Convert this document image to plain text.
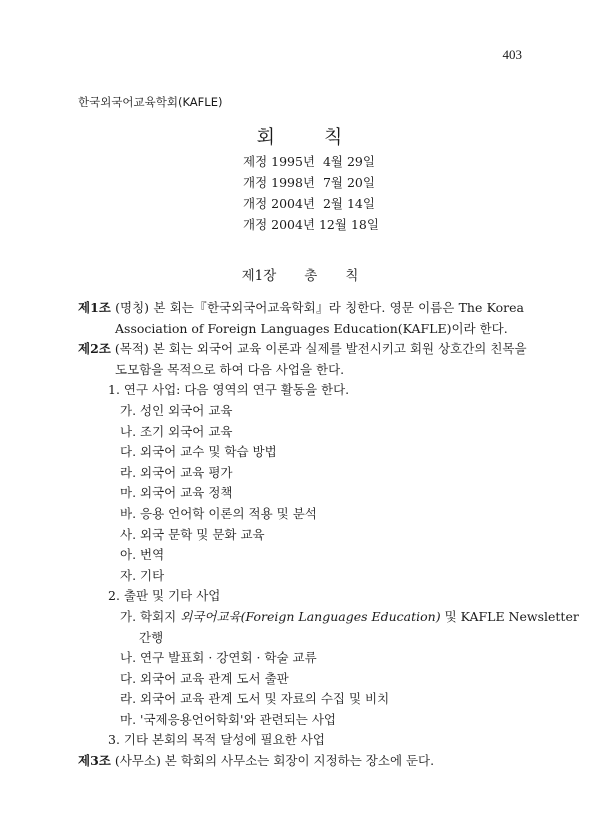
403
한국외국어교육학회(KAFLE)
회	칙
제정 1995년  4월 29일
개정 1998년  7월 20일
개정 2004년  2월 14일
개정 2004년 12월 18일
제1장 총 칙
제1조 (명칭) 본 회는『한국외국어교육학회』라 칭한다. 영문 이름은 The Korea
Association of Foreign Languages Education(KAFLE)이라 한다.
제2조 (목적) 본 회는 외국어 교육 이론과 실제를 발전시키고 회원 상호간의 친목을
도모함을 목적으로 하여 다음 사업을 한다.
1. 연구 사업: 다음 영역의 연구 활동을 한다.
가. 성인 외국어 교육
나. 조기 외국어 교육
다. 외국어 교수 및 학습 방법
라. 외국어 교육 평가
마. 외국어 교육 정책
바. 응용 언어학 이론의 적용 및 분석
사. 외국 문학 및 문화 교육
아. 번역
자. 기타
2. 출판 및 기타 사업
가. 학회지 외국어교육(Foreign Languages Education) 및 KAFLE Newsletter
간행
나. 연구 발표회 · 강연회 · 학술 교류
다. 외국어 교육 관계 도서 출판
라. 외국어 교육 관계 도서 및 자료의 수집 및 비치
마. '국제응용언어학회'와 관련되는 사업
3. 기타 본회의 목적 달성에 필요한 사업
제3조 (사무소) 본 학회의 사무소는 회장이 지정하는 장소에 둔다.
